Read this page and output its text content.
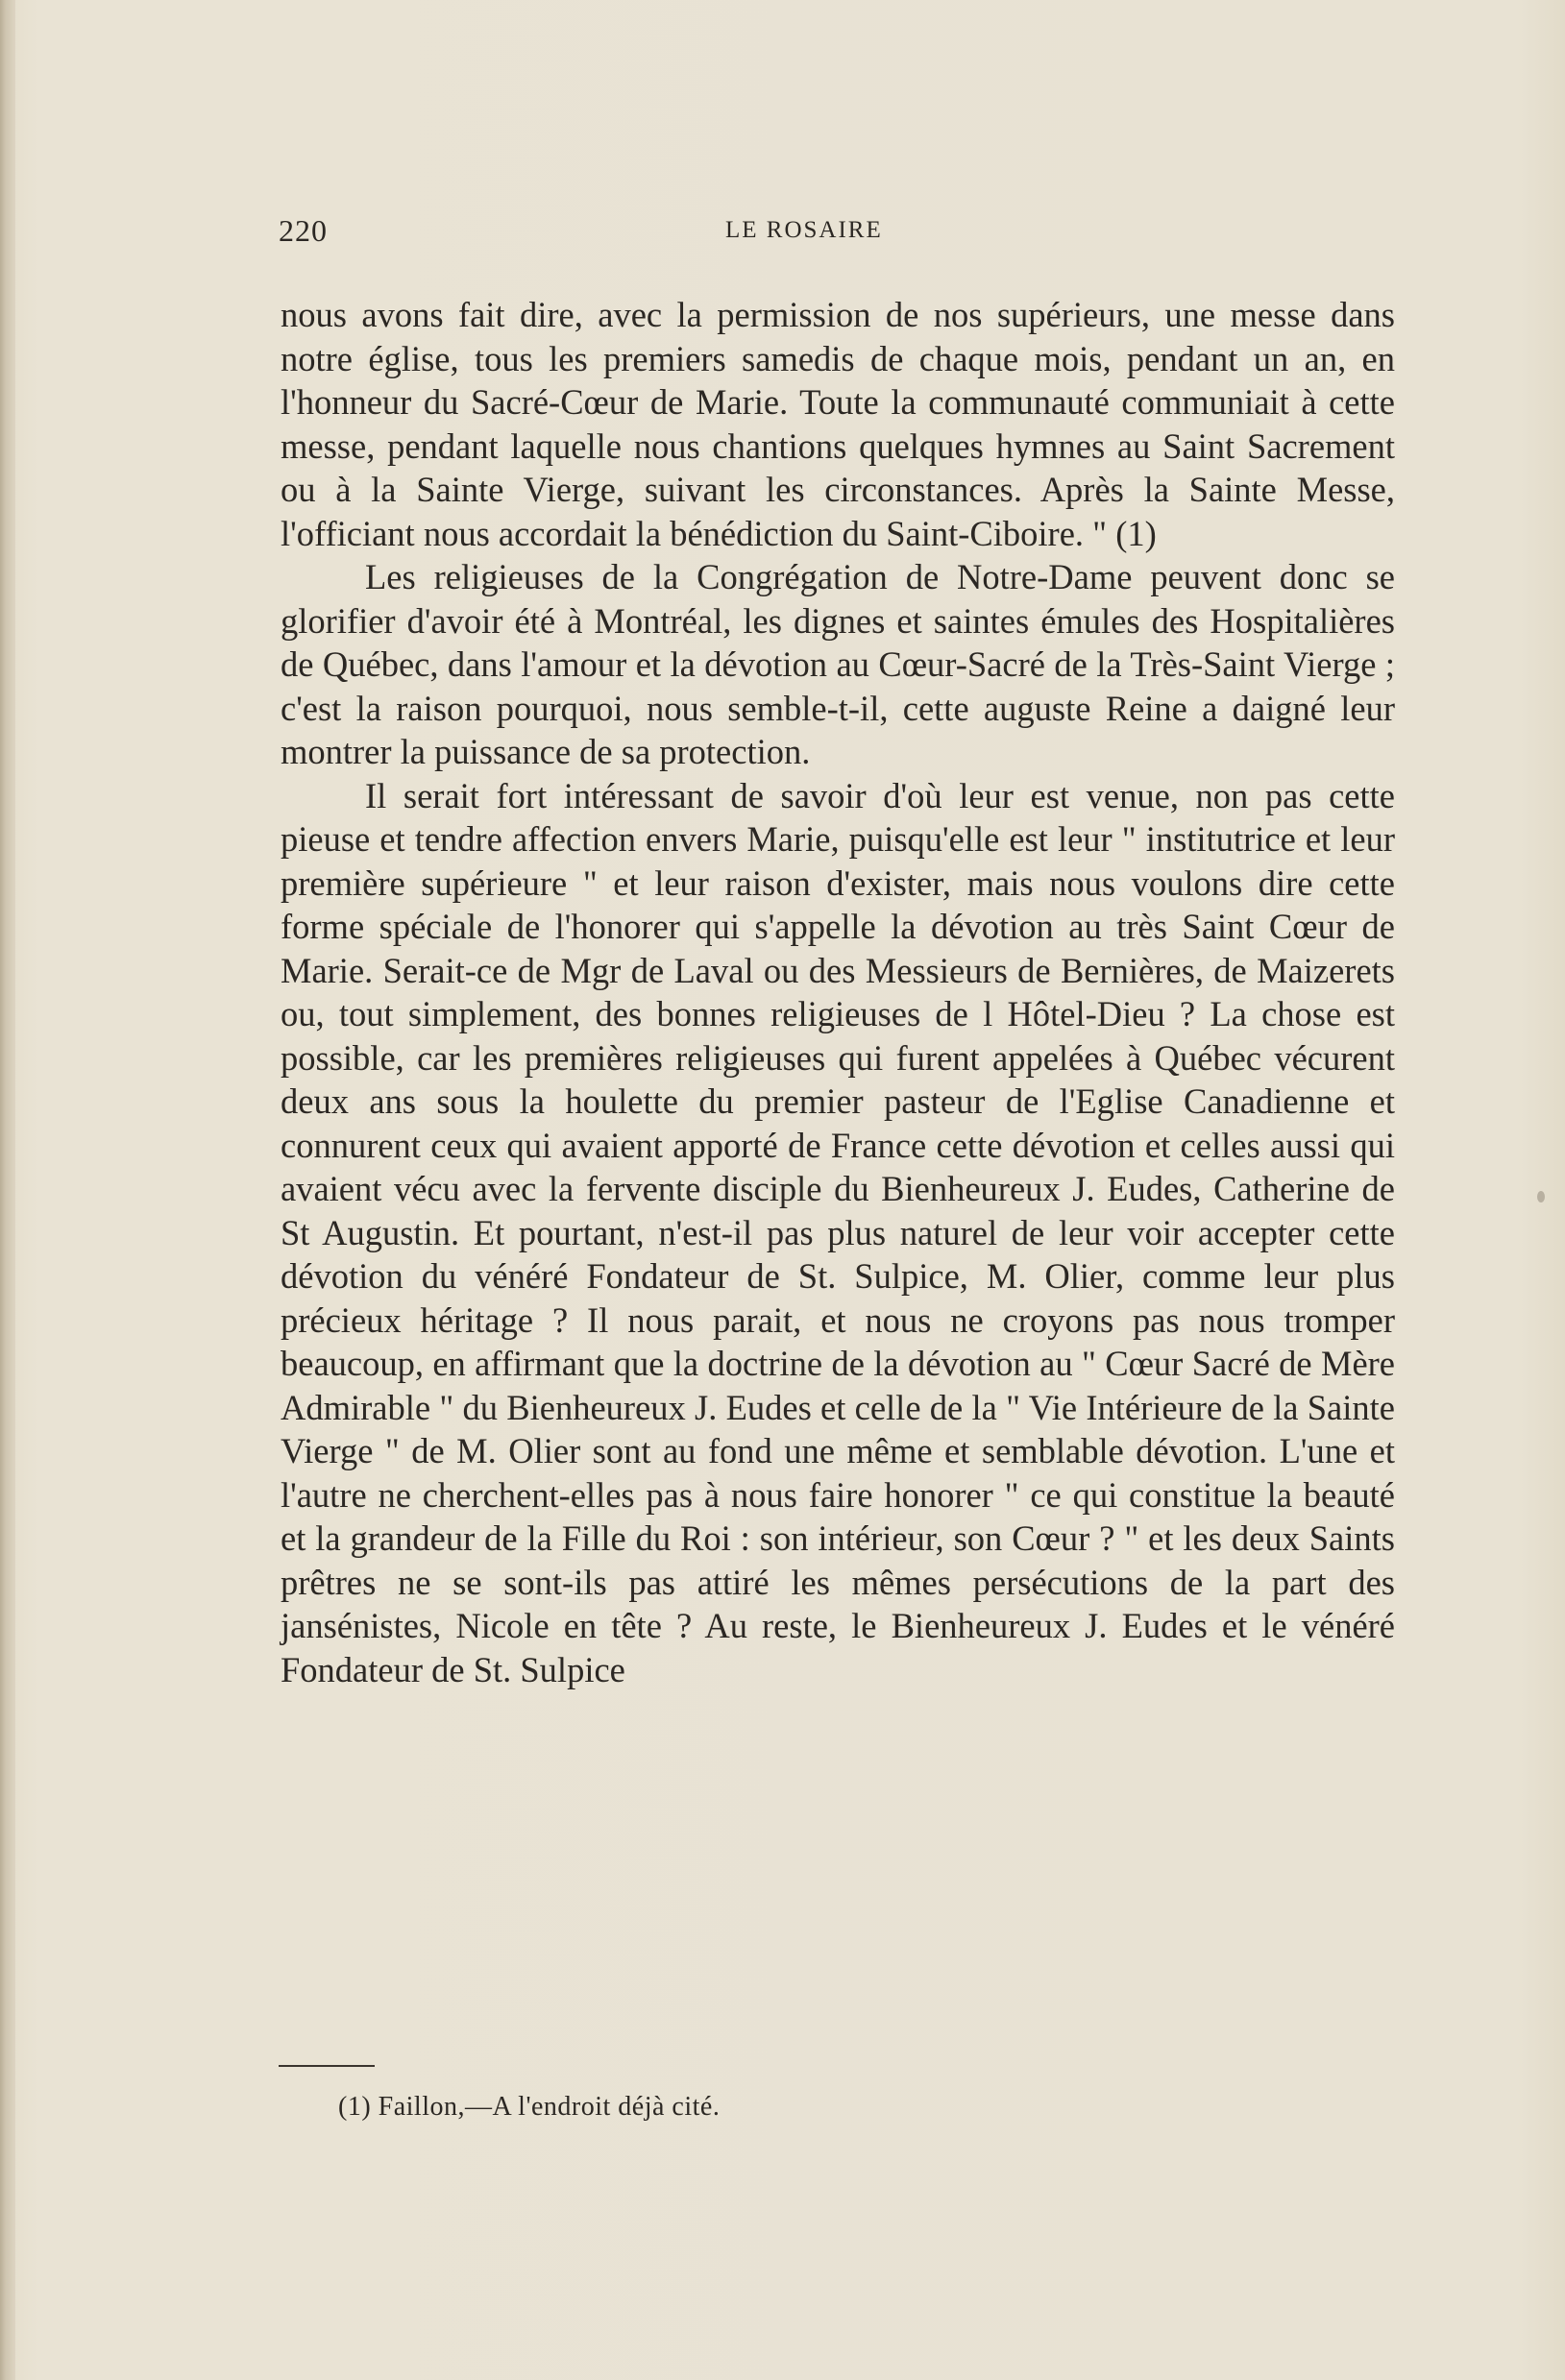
220	LE ROSAIRE

nous avons fait dire, avec la permission de nos supérieurs, une messe dans notre église, tous les premiers samedis de chaque mois, pendant un an, en l'honneur du Sacré-Cœur de Marie. Toute la communauté communiait à cette messe, pendant laquelle nous chantions quelques hymnes au Saint Sacrement ou à la Sainte Vierge, suivant les circonstances. Après la Sainte Messe, l'officiant nous accordait la bénédiction du Saint-Ciboire. " (1)

Les religieuses de la Congrégation de Notre-Dame peuvent donc se glorifier d'avoir été à Montréal, les dignes et saintes émules des Hospitalières de Québec, dans l'amour et la dévotion au Cœur-Sacré de la Très-Saint Vierge ; c'est la raison pourquoi, nous semble-t-il, cette auguste Reine a daigné leur montrer la puissance de sa protection.

Il serait fort intéressant de savoir d'où leur est venue, non pas cette pieuse et tendre affection envers Marie, puisqu'elle est leur " institutrice et leur première supérieure " et leur raison d'exister, mais nous voulons dire cette forme spéciale de l'honorer qui s'appelle la dévotion au très Saint Cœur de Marie. Serait-ce de Mgr de Laval ou des Messieurs de Bernières, de Maizerets ou, tout simplement, des bonnes religieuses de l Hôtel-Dieu ? La chose est possible, car les premières religieuses qui furent appelées à Québec vécurent deux ans sous la houlette du premier pasteur de l'Eglise Canadienne et connurent ceux qui avaient apporté de France cette dévotion et celles aussi qui avaient vécu avec la fervente disciple du Bienheureux J. Eudes, Catherine de St Augustin. Et pourtant, n'est-il pas plus naturel de leur voir accepter cette dévotion du vénéré Fondateur de St. Sulpice, M. Olier, comme leur plus précieux héritage ? Il nous parait, et nous ne croyons pas nous tromper beaucoup, en affirmant que la doctrine de la dévotion au " Cœur Sacré de Mère Admirable " du Bienheureux J. Eudes et celle de la " Vie Intérieure de la Sainte Vierge " de M. Olier sont au fond une même et semblable dévotion. L'une et l'autre ne cherchent-elles pas à nous faire honorer " ce qui constitue la beauté et la grandeur de la Fille du Roi : son intérieur, son Cœur ? " et les deux Saints prêtres ne se sont-ils pas attiré les mêmes persécutions de la part des jansénistes, Nicole en tête ? Au reste, le Bienheureux J. Eudes et le vénéré Fondateur de St. Sulpice

(1) Faillon,—A l'endroit déjà cité.
